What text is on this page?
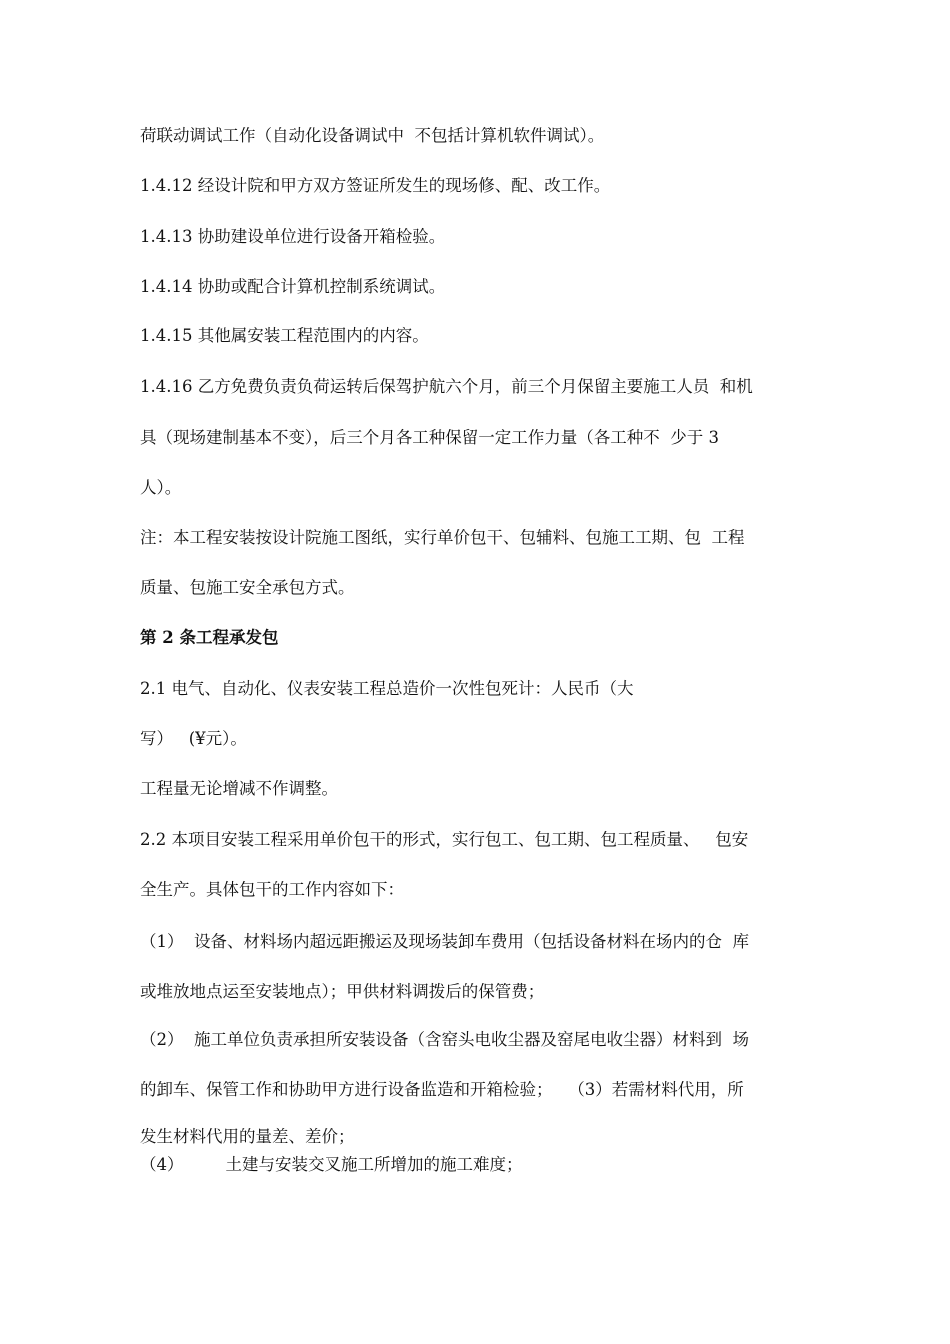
荷联动调试工作（自动化设备调试中  不包括计算机软件调试）。
1.4.12 经设计院和甲方双方签证所发生的现场修、配、改工作。
1.4.13 协助建设单位进行设备开箱检验。
1.4.14 协助或配合计算机控制系统调试。
1.4.15 其他属安装工程范围内的内容。
1.4.16 乙方免费负责负荷运转后保驾护航六个月，前三个月保留主要施工人员  和机
具（现场建制基本不变），后三个月各工种保留一定工作力量（各工种不  少于 3
人）。
注：本工程安装按设计院施工图纸，实行单价包干、包辅料、包施工工期、包  工程
质量、包施工安全承包方式。
第 2 条工程承发包
2.1 电气、自动化、仪表安装工程总造价一次性包死计：人民币（大
写）   (¥元）。
工程量无论增减不作调整。
2.2 本项目安装工程采用单价包干的形式，实行包工、包工期、包工程质量、   包安
全生产。具体包干的工作内容如下：
（1）  设备、材料场内超远距搬运及现场装卸车费用（包括设备材料在场内的仓  库
或堆放地点运至安装地点）；甲供材料调拨后的保管费；
（2）  施工单位负责承担所安装设备（含窑头电收尘器及窑尾电收尘器）材料到  场
的卸车、保管工作和协助甲方进行设备监造和开箱检验；   （3）若需材料代用，所
发生材料代用的量差、差价；
（4）        土建与安装交叉施工所增加的施工难度；
